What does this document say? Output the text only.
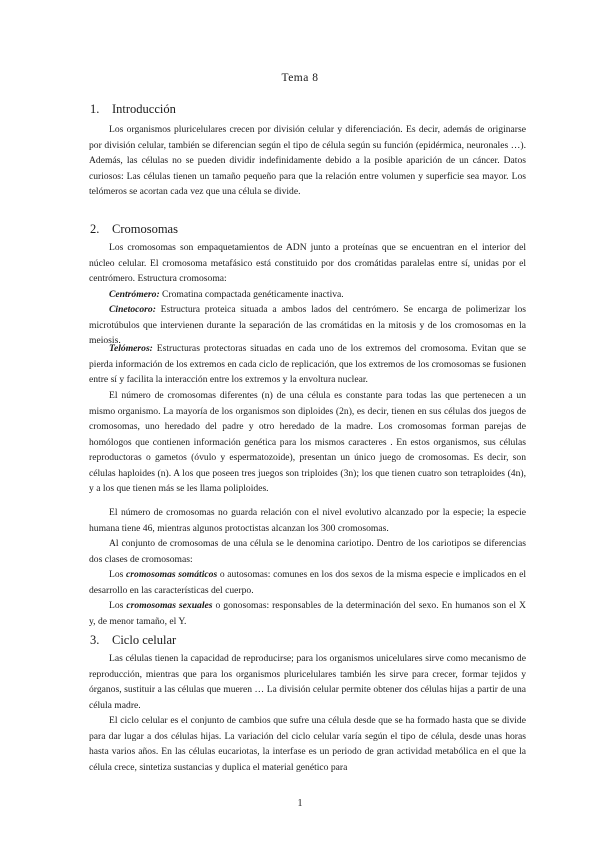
Tema 8
1. Introducción

Los organismos pluricelulares crecen por división celular y diferenciación. Es decir, además de originarse por división celular, también se diferencian según el tipo de célula según su función (epidérmica, neuronales …). Además, las células no se pueden dividir indefinidamente debido a la posible aparición de un cáncer. Datos curiosos: Las células tienen un tamaño pequeño para que la relación entre volumen y superficie sea mayor. Los telómeros se acortan cada vez que una célula se divide.

2. Cromosomas

Los cromosomas son empaquetamientos de ADN junto a proteínas que se encuentran en el interior del núcleo celular. El cromosoma metafásico está constituido por dos cromátidas paralelas entre sí, unidas por el centrómero. Estructura cromosoma:

Centrómero: Cromatina compactada genéticamente inactiva.

Cinetocoro: Estructura proteica situada a ambos lados del centrómero. Se encarga de polimerizar los microtúbulos que intervienen durante la separación de las cromátidas en la mitosis y de los cromosomas en la meiosis.

Telómeros: Estructuras protectoras situadas en cada uno de los extremos del cromosoma. Evitan que se pierda información de los extremos en cada ciclo de replicación, que los extremos de los cromosomas se fusionen entre sí y facilita la interacción entre los extremos y la envoltura nuclear.

El número de cromosomas diferentes (n) de una célula es constante para todas las que pertenecen a un mismo organismo. La mayoría de los organismos son diploides (2n), es decir, tienen en sus células dos juegos de cromosomas, uno heredado del padre y otro heredado de la madre. Los cromosomas forman parejas de homólogos que contienen información genética para los mismos caracteres . En estos organismos, sus células reproductoras o gametos (óvulo y espermatozoide), presentan un único juego de cromosomas. Es decir, son células haploides (n). A los que poseen tres juegos son triploides (3n); los que tienen cuatro son tetraploides (4n), y a los que tienen más se les llama poliploides.

El número de cromosomas no guarda relación con el nivel evolutivo alcanzado por la especie; la especie humana tiene 46, mientras algunos protoctistas alcanzan los 300 cromosomas.

Al conjunto de cromosomas de una célula se le denomina cariotipo. Dentro de los cariotipos se diferencias dos clases de cromosomas:

Los cromosomas somáticos o autosomas: comunes en los dos sexos de la misma especie e implicados en el desarrollo en las características del cuerpo.

Los cromosomas sexuales o gonosomas: responsables de la determinación del sexo. En humanos son el X y, de menor tamaño, el Y.

3. Ciclo celular

Las células tienen la capacidad de reproducirse; para los organismos unicelulares sirve como mecanismo de reproducción, mientras que para los organismos pluricelulares también les sirve para crecer, formar tejidos y órganos, sustituir a las células que mueren … La división celular permite obtener dos células hijas a partir de una célula madre.

El ciclo celular es el conjunto de cambios que sufre una célula desde que se ha formado hasta que se divide para dar lugar a dos células hijas. La variación del ciclo celular varía según el tipo de célula, desde unas horas hasta varios años. En las células eucariotas, la interfase es un periodo de gran actividad metabólica en el que la célula crece, sintetiza sustancias y duplica el material genético para

1
